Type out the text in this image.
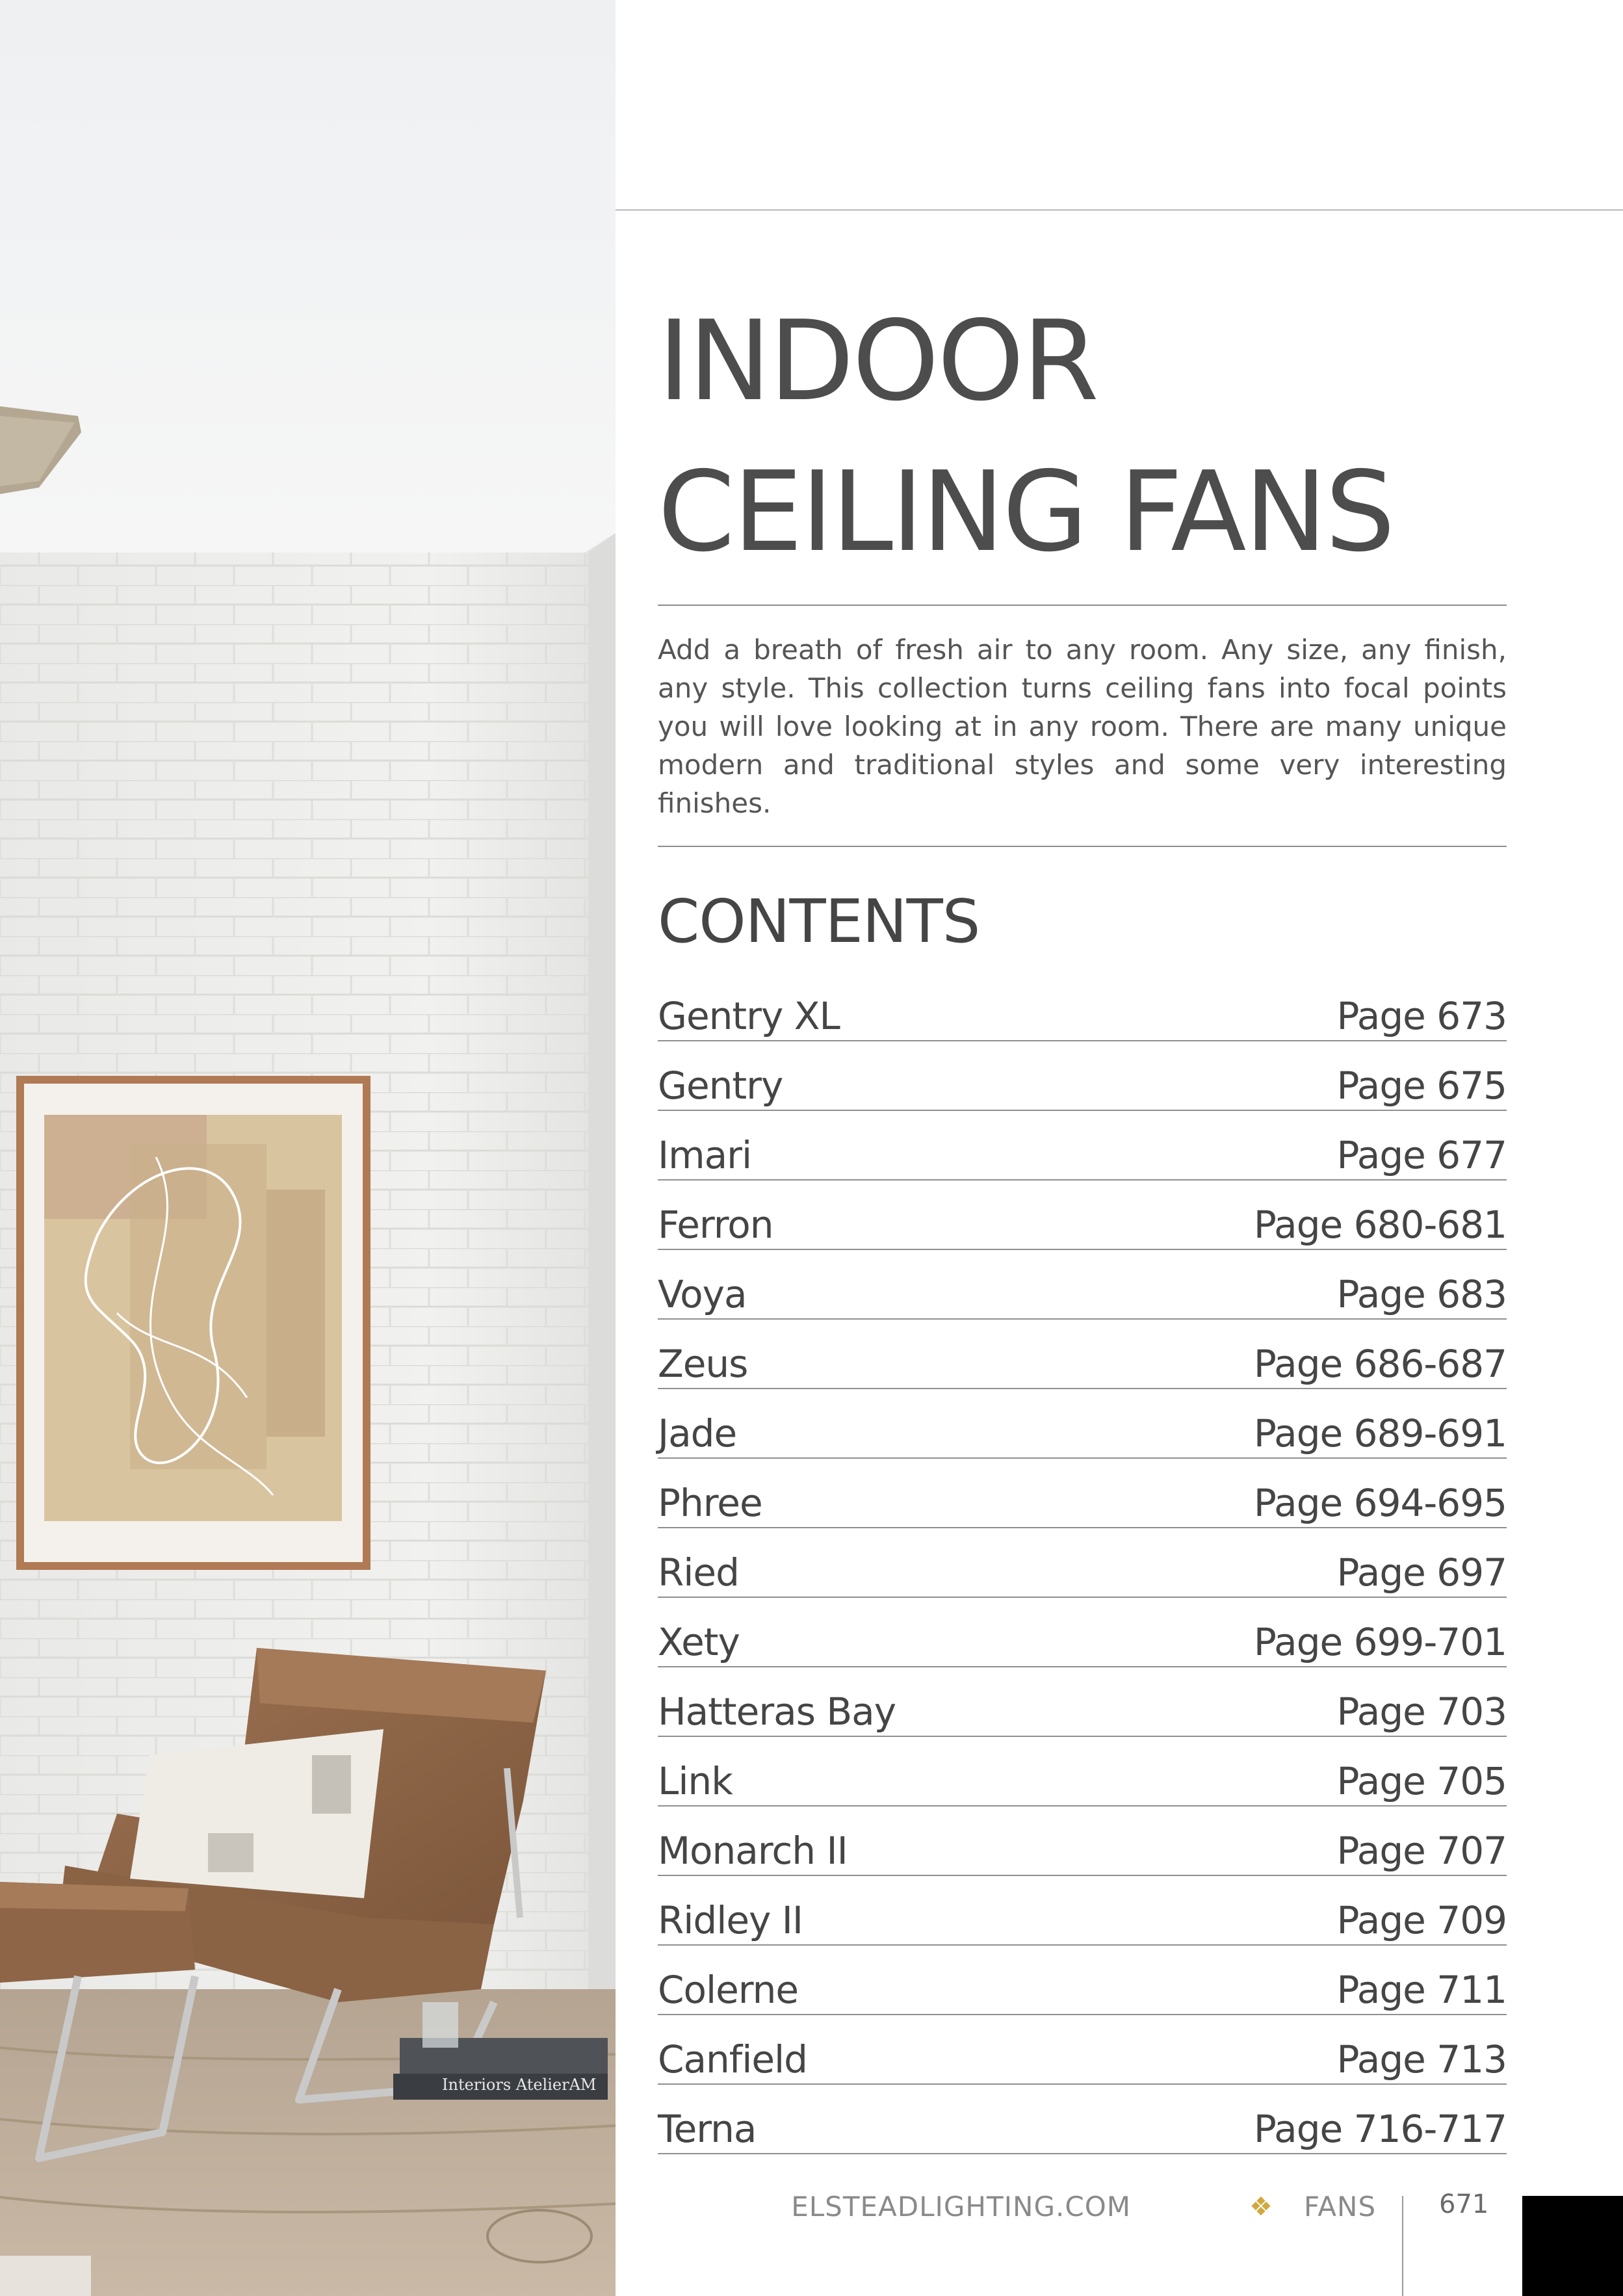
Interiors AtelierAM
INDOOR
CEILING FANS

Add a breath of fresh air to any room. Any size, any finish, any style. This collection turns ceiling fans into focal points you will love looking at in any room. There are many unique modern and traditional styles and some very interesting finishes.

CONTENTS
Gentry XL	Page 673
Gentry	Page 675
Imari	Page 677
Ferron	Page 680-681
Voya	Page 683
Zeus	Page 686-687
Jade	Page 689-691
Phree	Page 694-695
Ried	Page 697
Xety	Page 699-701
Hatteras Bay	Page 703
Link	Page 705
Monarch II	Page 707
Ridley II	Page 709
Colerne	Page 711
Canfield	Page 713
Terna	Page 716-717
ELSTEADLIGHTING.COM	❖ FANS 671
